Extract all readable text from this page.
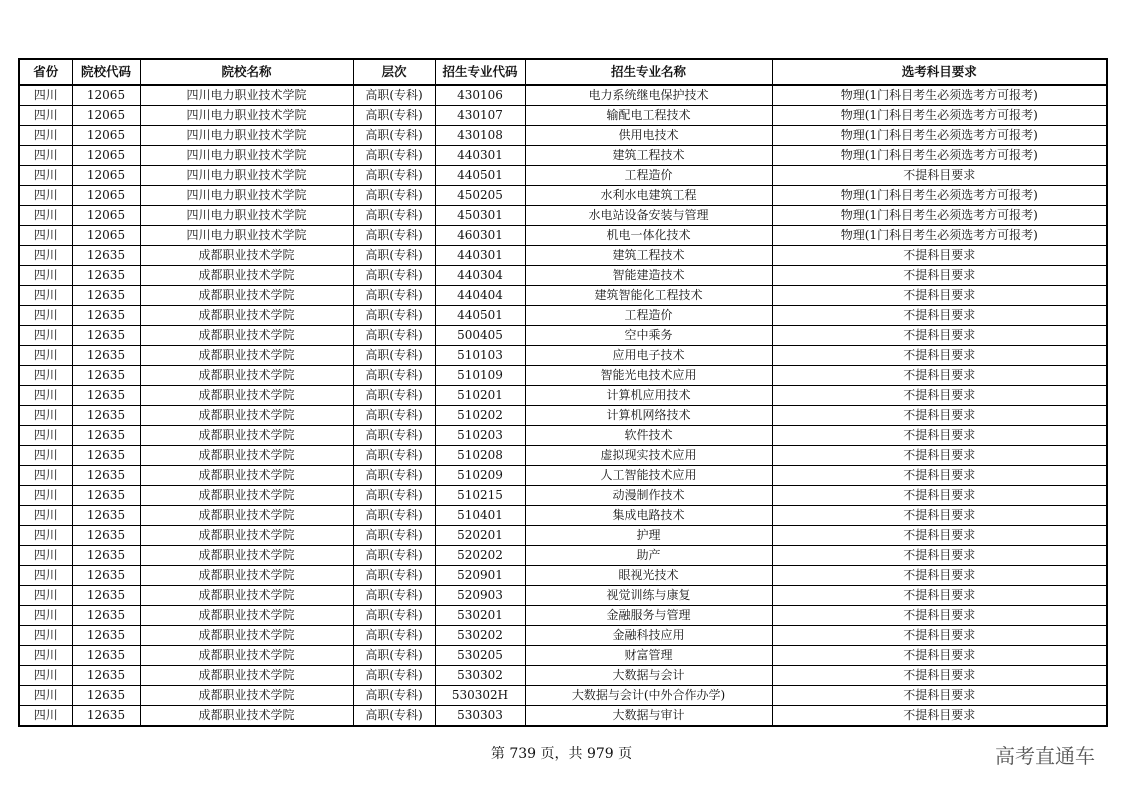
省份	院校代码	院校名称	层次	招生专业代码	招生专业名称	选考科目要求
四川	12065	四川电力职业技术学院	高职(专科)	430106	电力系统继电保护技术	物理(1门科目考生必须选考方可报考)
四川	12065	四川电力职业技术学院	高职(专科)	430107	输配电工程技术	物理(1门科目考生必须选考方可报考)
四川	12065	四川电力职业技术学院	高职(专科)	430108	供用电技术	物理(1门科目考生必须选考方可报考)
四川	12065	四川电力职业技术学院	高职(专科)	440301	建筑工程技术	物理(1门科目考生必须选考方可报考)
四川	12065	四川电力职业技术学院	高职(专科)	440501	工程造价	不提科目要求
四川	12065	四川电力职业技术学院	高职(专科)	450205	水利水电建筑工程	物理(1门科目考生必须选考方可报考)
四川	12065	四川电力职业技术学院	高职(专科)	450301	水电站设备安装与管理	物理(1门科目考生必须选考方可报考)
四川	12065	四川电力职业技术学院	高职(专科)	460301	机电一体化技术	物理(1门科目考生必须选考方可报考)
四川	12635	成都职业技术学院	高职(专科)	440301	建筑工程技术	不提科目要求
四川	12635	成都职业技术学院	高职(专科)	440304	智能建造技术	不提科目要求
四川	12635	成都职业技术学院	高职(专科)	440404	建筑智能化工程技术	不提科目要求
四川	12635	成都职业技术学院	高职(专科)	440501	工程造价	不提科目要求
四川	12635	成都职业技术学院	高职(专科)	500405	空中乘务	不提科目要求
四川	12635	成都职业技术学院	高职(专科)	510103	应用电子技术	不提科目要求
四川	12635	成都职业技术学院	高职(专科)	510109	智能光电技术应用	不提科目要求
四川	12635	成都职业技术学院	高职(专科)	510201	计算机应用技术	不提科目要求
四川	12635	成都职业技术学院	高职(专科)	510202	计算机网络技术	不提科目要求
四川	12635	成都职业技术学院	高职(专科)	510203	软件技术	不提科目要求
四川	12635	成都职业技术学院	高职(专科)	510208	虚拟现实技术应用	不提科目要求
四川	12635	成都职业技术学院	高职(专科)	510209	人工智能技术应用	不提科目要求
四川	12635	成都职业技术学院	高职(专科)	510215	动漫制作技术	不提科目要求
四川	12635	成都职业技术学院	高职(专科)	510401	集成电路技术	不提科目要求
四川	12635	成都职业技术学院	高职(专科)	520201	护理	不提科目要求
四川	12635	成都职业技术学院	高职(专科)	520202	助产	不提科目要求
四川	12635	成都职业技术学院	高职(专科)	520901	眼视光技术	不提科目要求
四川	12635	成都职业技术学院	高职(专科)	520903	视觉训练与康复	不提科目要求
四川	12635	成都职业技术学院	高职(专科)	530201	金融服务与管理	不提科目要求
四川	12635	成都职业技术学院	高职(专科)	530202	金融科技应用	不提科目要求
四川	12635	成都职业技术学院	高职(专科)	530205	财富管理	不提科目要求
四川	12635	成都职业技术学院	高职(专科)	530302	大数据与会计	不提科目要求
四川	12635	成都职业技术学院	高职(专科)	530302H	大数据与会计(中外合作办学)	不提科目要求
四川	12635	成都职业技术学院	高职(专科)	530303	大数据与审计	不提科目要求
第 739 页，共 979 页	高考直通车
